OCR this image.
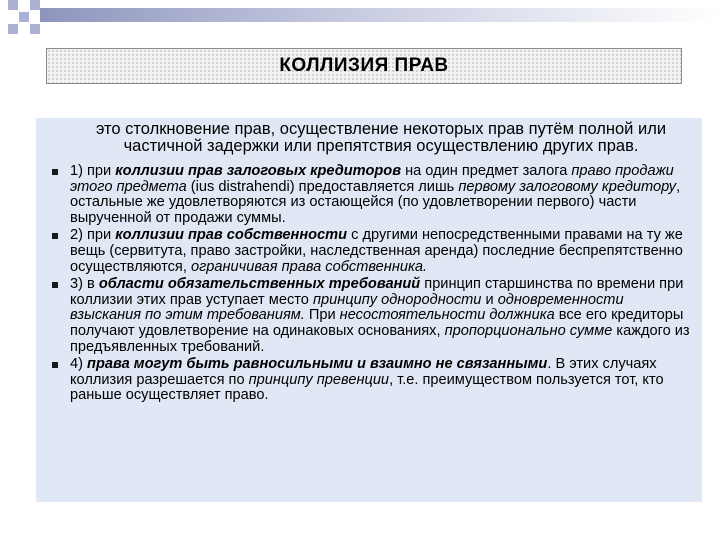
КОЛЛИЗИЯ ПРАВ
это столкновение прав, осуществление некоторых прав путём полной или частичной задержки или препятствия осуществлению других прав.
1) при коллизии прав залоговых кредиторов на один предмет залога право продажи этого предмета (ius distrahendi) предоставляется лишь первому залоговому кредитору, остальные же удовлетворяются из остающейся (по удовлетворении первого) части вырученной от продажи суммы.
2) при коллизии прав собственности с другими непосредственными правами на ту же вещь (сервитута, право застройки, наследственная аренда) последние беспрепятственно осуществляются, ограничивая права собственника.
3) в области обязательственных требований принцип старшинства по времени при коллизии этих прав уступает место принципу однородности и одновременности взыскания по этим требованиям. При несостоятельности должника все его кредиторы получают удовлетворение на одинаковых основаниях, пропорционально сумме каждого из предъявленных требований.
4) права могут быть равносильными и взаимно не связанными. В этих случаях коллизия разрешается по принципу превенции, т.е. преимуществом пользуется тот, кто раньше осуществляет право.
